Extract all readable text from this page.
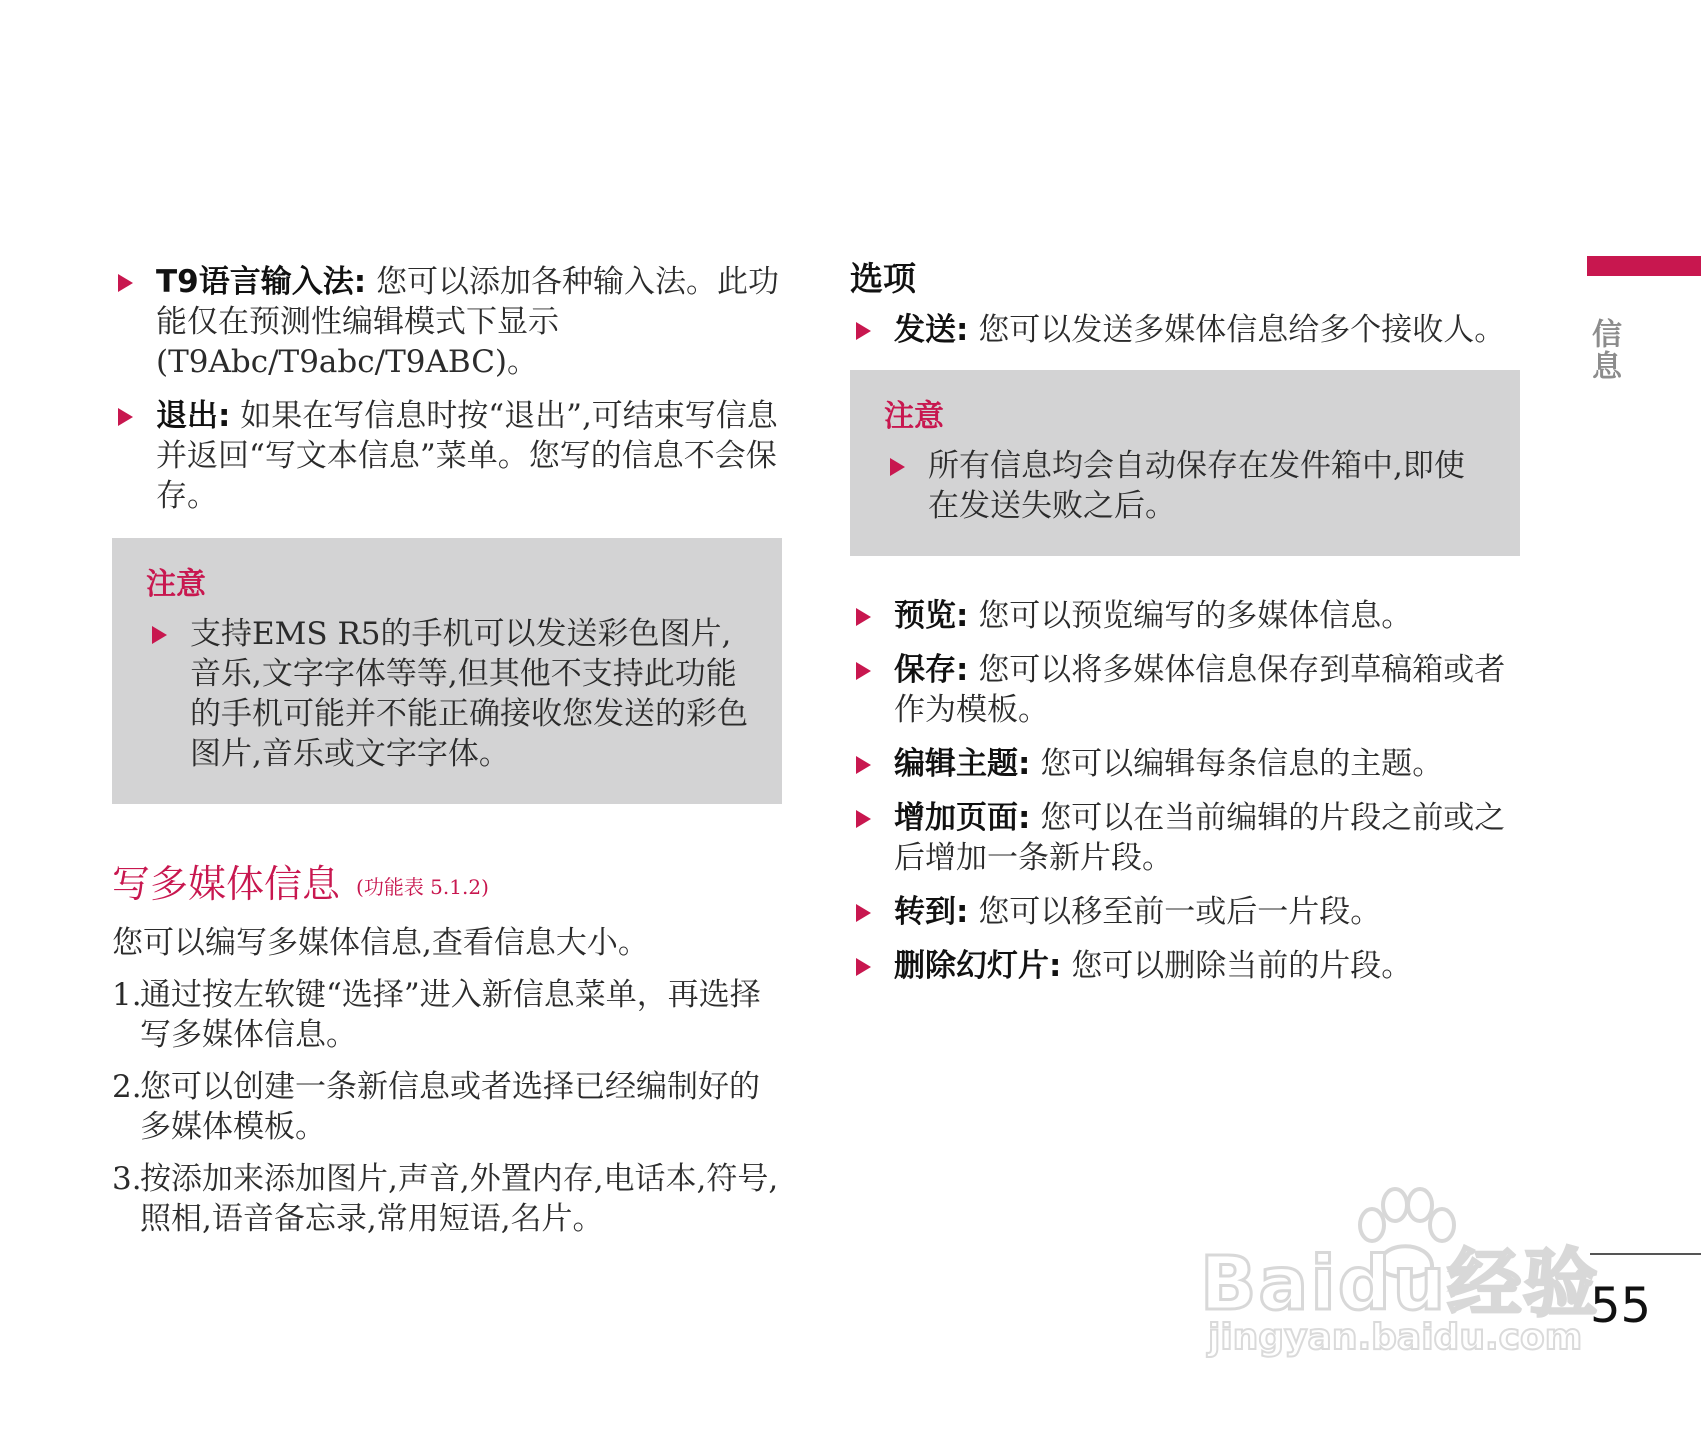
T9语言输入法: 您可以添加各种输入法。此功能仅在预测性编辑模式下显示(T9Abc/T9abc/T9ABC)。
退出: 如果在写信息时按“退出”,可结束写信息并返回“写文本信息”菜单。您写的信息不会保存。
注意
支持EMS R5的手机可以发送彩色图片,音乐,文字字体等等,但其他不支持此功能的手机可能并不能正确接收您发送的彩色图片,音乐或文字字体。
写多媒体信息 (功能表 5.1.2)
您可以编写多媒体信息,查看信息大小。
1.
通过按左软键“选择”进入新信息菜单，再选择写多媒体信息。
2.
您可以创建一条新信息或者选择已经编制好的多媒体模板。
3.
按添加来添加图片,声音,外置内存,电话本,符号,照相,语音备忘录,常用短语,名片。
选项
发送: 您可以发送多媒体信息给多个接收人。
注意
所有信息均会自动保存在发件箱中,即使在发送失败之后。
预览: 您可以预览编写的多媒体信息。
保存: 您可以将多媒体信息保存到草稿箱或者作为模板。
编辑主题: 您可以编辑每条信息的主题。
增加页面: 您可以在当前编辑的片段之前或之后增加一条新片段。
转到: 您可以移至前一或后一片段。
删除幻灯片: 您可以删除当前的片段。
信息
55
Baidu经验
jingyan.baidu.com
